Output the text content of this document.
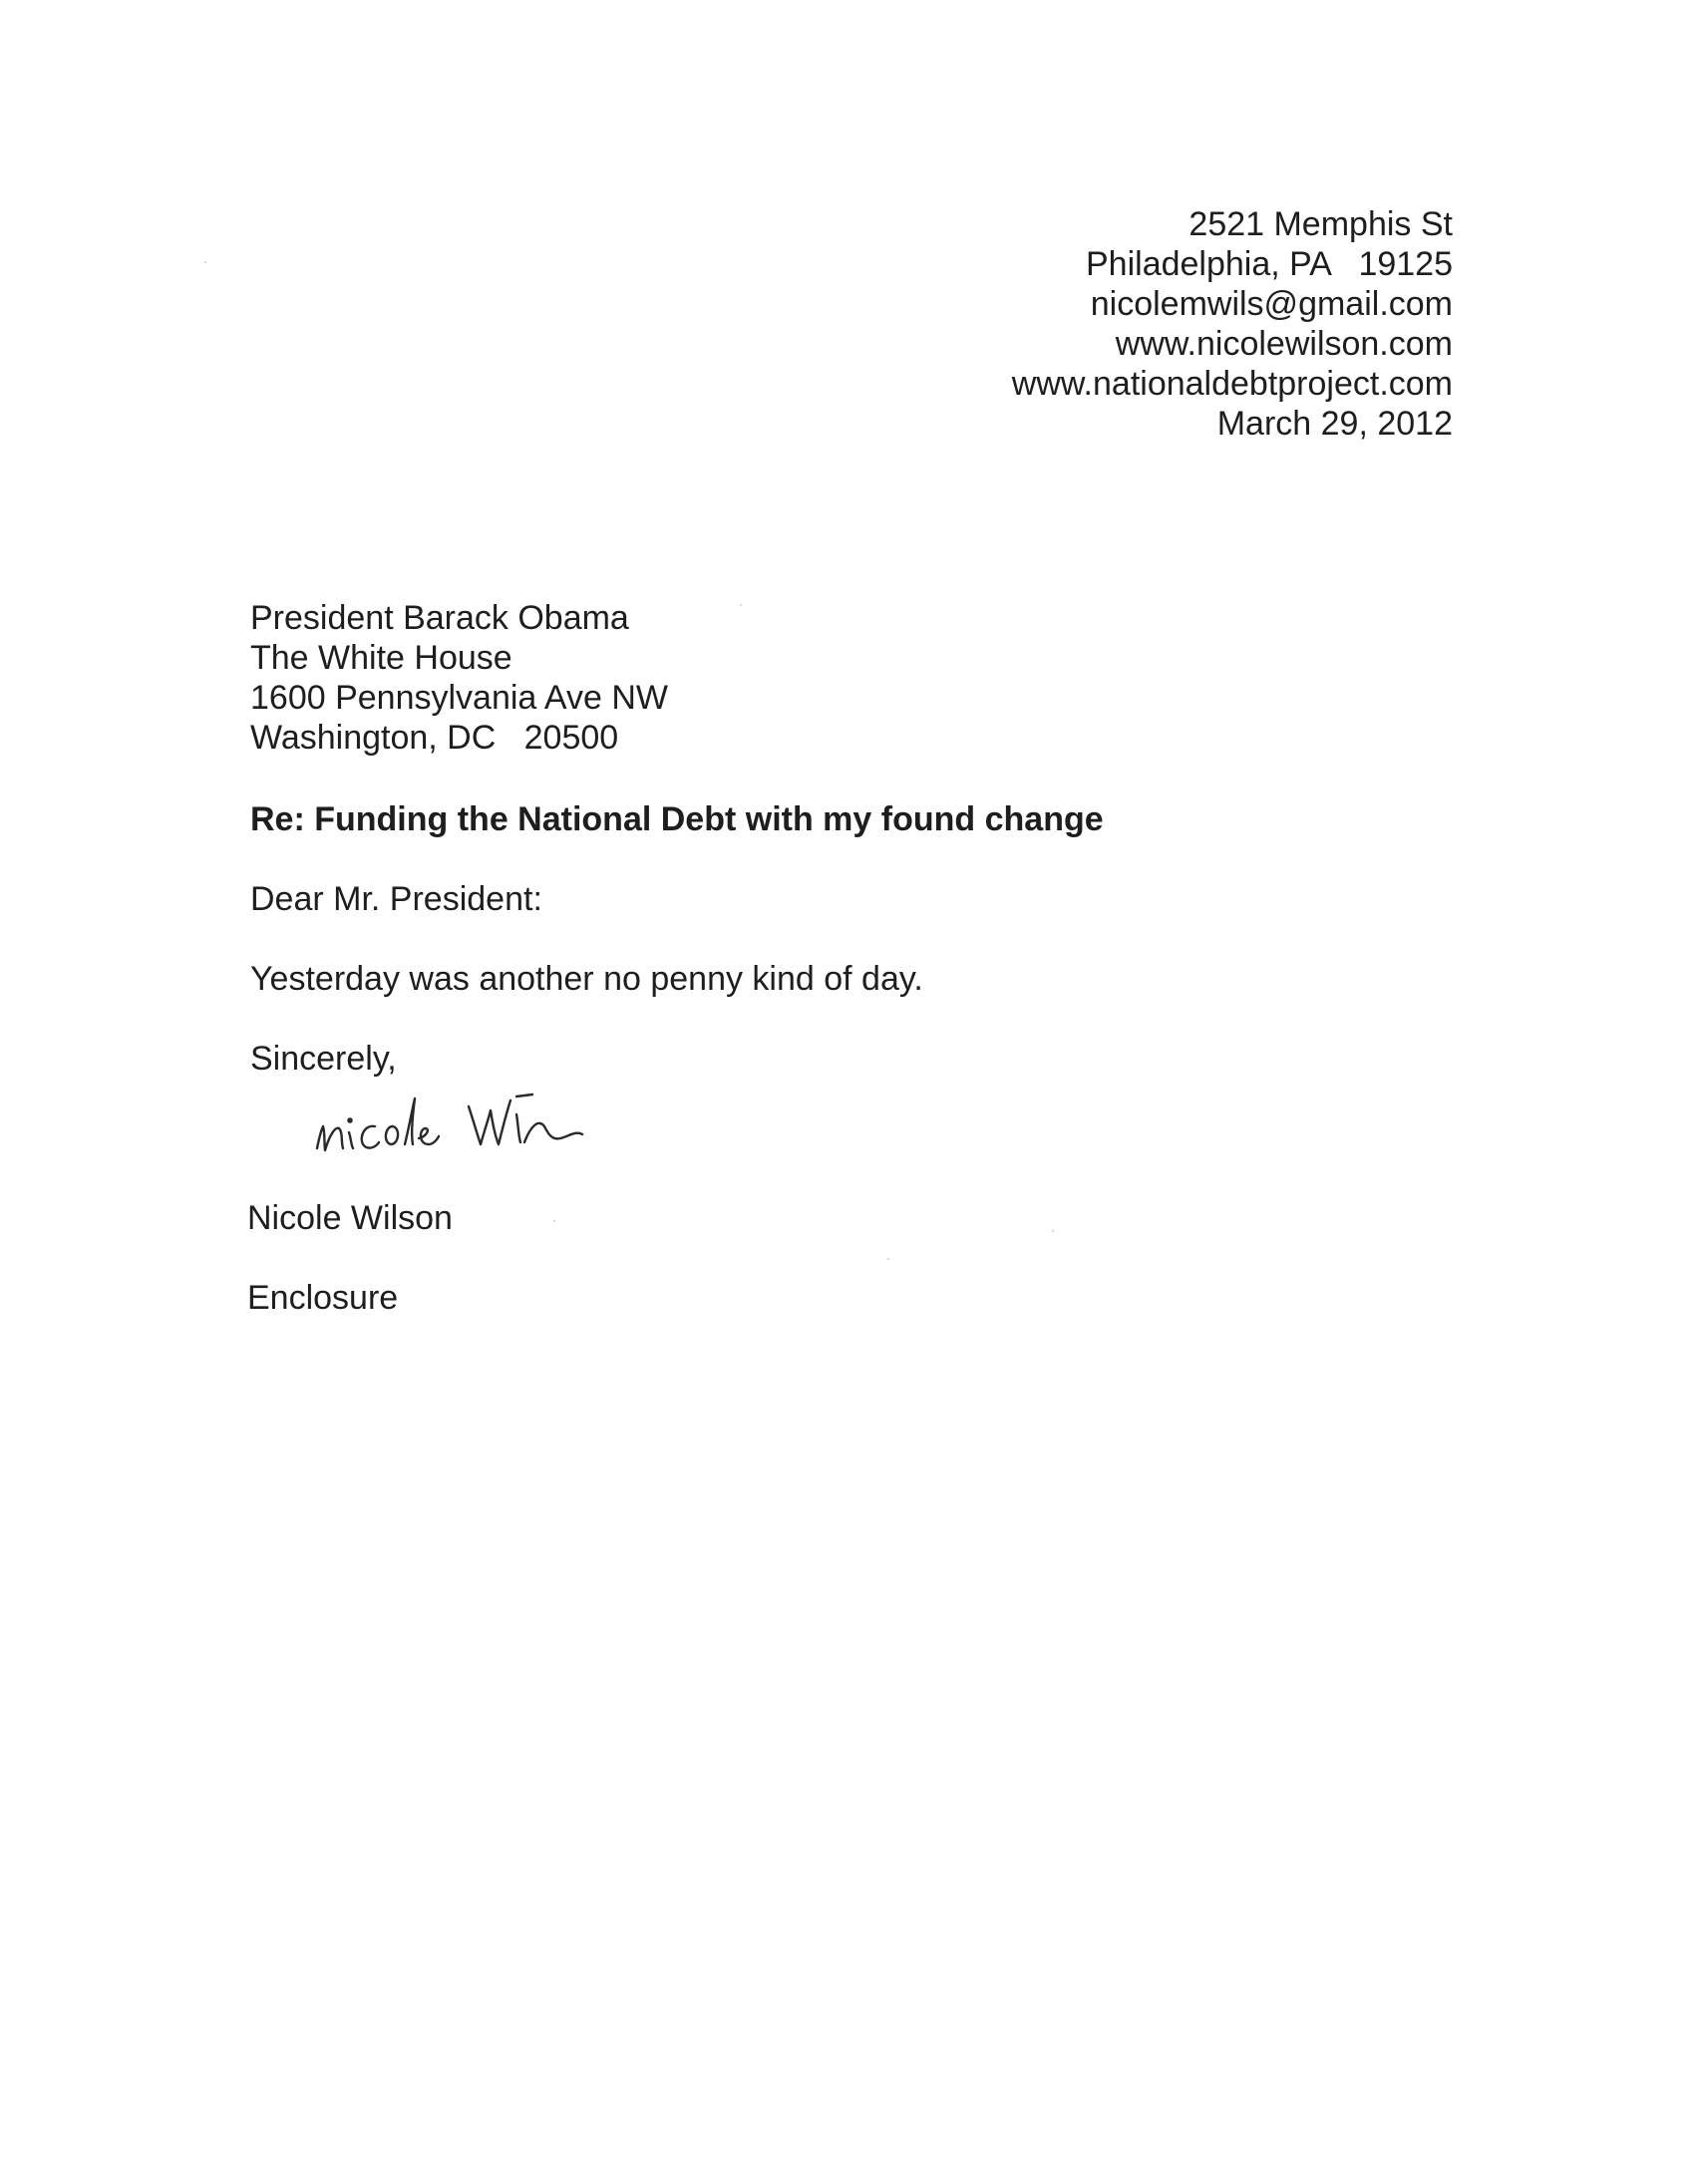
2521 Memphis St
Philadelphia, PA   19125
nicolemwils@gmail.com
www.nicolewilson.com
www.nationaldebtproject.com
March 29, 2012
President Barack Obama
The White House
1600 Pennsylvania Ave NW
Washington, DC   20500
Re: Funding the National Debt with my found change
Dear Mr. President:
Yesterday was another no penny kind of day.
Sincerely,
Nicole Wilson
Enclosure
